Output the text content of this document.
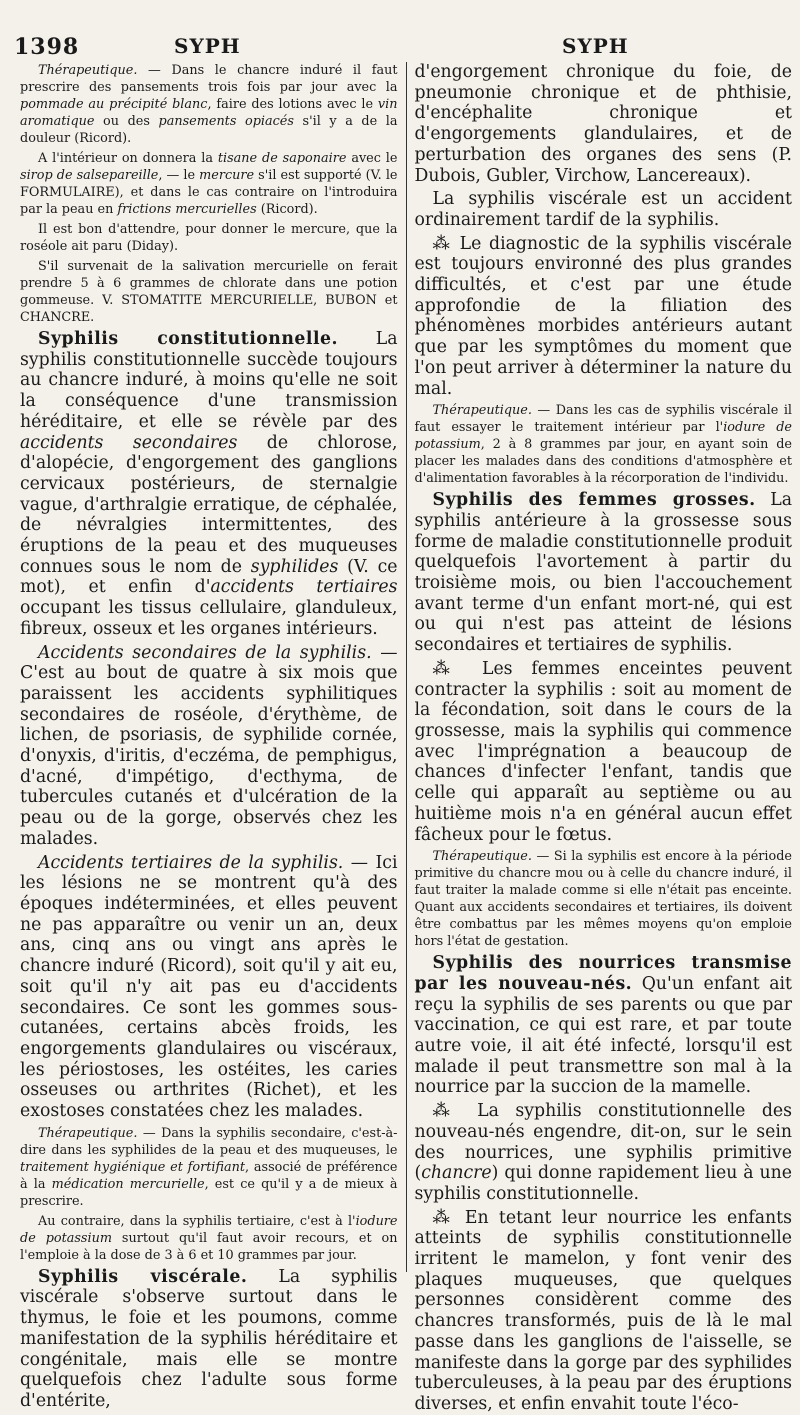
1398	SYPH	SYPH

Thérapeutique. — Dans le chancre induré il faut prescrire des pansements trois fois par jour avec la pommade au précipité blanc, faire des lotions avec le vin aromatique ou des pansements opiacés s'il y a de la douleur (Ricord).

A l'intérieur on donnera la tisane de saponaire avec le sirop de salsepareille, — le mercure s'il est supporté (V. le FORMULAIRE), et dans le cas contraire on l'introduira par la peau en frictions mercurielles (Ricord).

Il est bon d'attendre, pour donner le mercure, que la roséole ait paru (Diday).

S'il survenait de la salivation mercurielle on ferait prendre 5 à 6 grammes de chlorate dans une potion gommeuse. V. STOMATITE MERCURIELLE, BUBON et CHANCRE.

Syphilis constitutionnelle. La syphilis constitutionnelle succède toujours au chancre induré, à moins qu'elle ne soit la conséquence d'une transmission héréditaire, et elle se révèle par des accidents secondaires de chlorose, d'alopécie, d'engorgement des ganglions cervicaux postérieurs, de sternalgie vague, d'arthralgie erratique, de céphalée, de névralgies intermittentes, des éruptions de la peau et des muqueuses connues sous le nom de syphilides (V. ce mot), et enfin d'accidents tertiaires occupant les tissus cellulaire, glanduleux, fibreux, osseux et les organes intérieurs.

Accidents secondaires de la syphilis. — C'est au bout de quatre à six mois que paraissent les accidents syphilitiques secondaires de roséole, d'érythème, de lichen, de psoriasis, de syphilide cornée, d'onyxis, d'iritis, d'eczéma, de pemphigus, d'acné, d'impétigo, d'ecthyma, de tubercules cutanés et d'ulcération de la peau ou de la gorge, observés chez les malades.

Accidents tertiaires de la syphilis. — Ici les lésions ne se montrent qu'à des époques indéterminées, et elles peuvent ne pas apparaître ou venir un an, deux ans, cinq ans ou vingt ans après le chancre induré (Ricord), soit qu'il y ait eu, soit qu'il n'y ait pas eu d'accidents secondaires. Ce sont les gommes sous-cutanées, certains abcès froids, les engorgements glandulaires ou viscéraux, les périostoses, les ostéites, les caries osseuses ou arthrites (Richet), et les exostoses constatées chez les malades.

Thérapeutique. — Dans la syphilis secondaire, c'est-à-dire dans les syphilides de la peau et des muqueuses, le traitement hygiénique et fortifiant, associé de préférence à la médication mercurielle, est ce qu'il y a de mieux à prescrire.

Au contraire, dans la syphilis tertiaire, c'est à l'iodure de potassium surtout qu'il faut avoir recours, et on l'emploie à la dose de 3 à 6 et 10 grammes par jour.

Syphilis viscérale. La syphilis viscérale s'observe surtout dans le thymus, le foie et les poumons, comme manifestation de la syphilis héréditaire et congénitale, mais elle se montre quelquefois chez l'adulte sous forme d'entérite,

d'engorgement chronique du foie, de pneumonie chronique et de phthisie, d'encéphalite chronique et d'engorgements glandulaires, et de perturbation des organes des sens (P. Dubois, Gubler, Virchow, Lancereaux).

La syphilis viscérale est un accident ordinairement tardif de la syphilis.

⁂ Le diagnostic de la syphilis viscérale est toujours environné des plus grandes difficultés, et c'est par une étude approfondie de la filiation des phénomènes morbides antérieurs autant que par les symptômes du moment que l'on peut arriver à déterminer la nature du mal.

Thérapeutique. — Dans les cas de syphilis viscérale il faut essayer le traitement intérieur par l'iodure de potassium, 2 à 8 grammes par jour, en ayant soin de placer les malades dans des conditions d'atmosphère et d'alimentation favorables à la récorporation de l'individu.

Syphilis des femmes grosses. La syphilis antérieure à la grossesse sous forme de maladie constitutionnelle produit quelquefois l'avortement à partir du troisième mois, ou bien l'accouchement avant terme d'un enfant mort-né, qui est ou qui n'est pas atteint de lésions secondaires et tertiaires de syphilis.

⁂ Les femmes enceintes peuvent contracter la syphilis : soit au moment de la fécondation, soit dans le cours de la grossesse, mais la syphilis qui commence avec l'imprégnation a beaucoup de chances d'infecter l'enfant, tandis que celle qui apparaît au septième ou au huitième mois n'a en général aucun effet fâcheux pour le fœtus.

Thérapeutique. — Si la syphilis est encore à la période primitive du chancre mou ou à celle du chancre induré, il faut traiter la malade comme si elle n'était pas enceinte. Quant aux accidents secondaires et tertiaires, ils doivent être combattus par les mêmes moyens qu'on emploie hors l'état de gestation.

Syphilis des nourrices transmise par les nouveau-nés. Qu'un enfant ait reçu la syphilis de ses parents ou que par vaccination, ce qui est rare, et par toute autre voie, il ait été infecté, lorsqu'il est malade il peut transmettre son mal à la nourrice par la succion de la mamelle.

⁂ La syphilis constitutionnelle des nouveau-nés engendre, dit-on, sur le sein des nourrices, une syphilis primitive (chancre) qui donne rapidement lieu à une syphilis constitutionnelle.

⁂ En tetant leur nourrice les enfants atteints de syphilis constitutionnelle irritent le mamelon, y font venir des plaques muqueuses, que quelques personnes considèrent comme des chancres transformés, puis de là le mal passe dans les ganglions de l'aisselle, se manifeste dans la gorge par des syphilides tuberculeuses, à la peau par des éruptions diverses, et enfin envahit toute l'éco-
